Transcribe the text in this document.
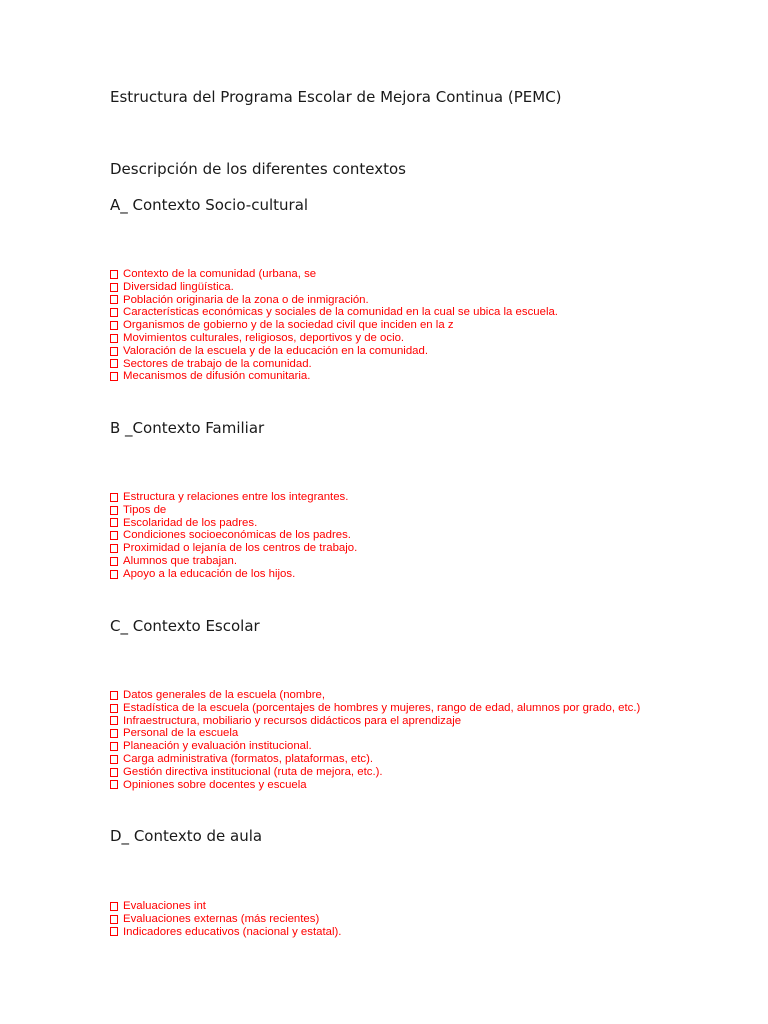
Estructura del Programa Escolar de Mejora Continua (PEMC)
Descripción de los diferentes contextos
A_ Contexto Socio-cultural
Contexto de la comunidad (urbana, se
Diversidad lingüística.
Población originaria de la zona o de inmigración.
Características económicas y sociales de la comunidad en la cual se ubica la escuela.
Organismos de gobierno y de la sociedad civil que inciden en la z
Movimientos culturales, religiosos, deportivos y de ocio.
Valoración de la escuela y de la educación en la comunidad.
Sectores de trabajo de la comunidad.
Mecanismos de difusión comunitaria.
B _Contexto Familiar
Estructura y relaciones entre los integrantes.
Tipos de
Escolaridad de los padres.
Condiciones socioeconómicas de los padres.
Proximidad o lejanía de los centros de trabajo.
Alumnos que trabajan.
Apoyo a la educación de los hijos.
C_ Contexto Escolar
Datos generales de la escuela (nombre,
Estadística de la escuela (porcentajes de hombres y mujeres, rango de edad, alumnos por grado, etc.)
Infraestructura, mobiliario y recursos didácticos para el aprendizaje
Personal de la escuela
Planeación y evaluación institucional.
Carga administrativa (formatos, plataformas, etc).
Gestión directiva institucional (ruta de mejora, etc.).
Opiniones sobre docentes y escuela
D_ Contexto de aula
Evaluaciones int
Evaluaciones externas (más recientes)
Indicadores educativos (nacional y estatal).
